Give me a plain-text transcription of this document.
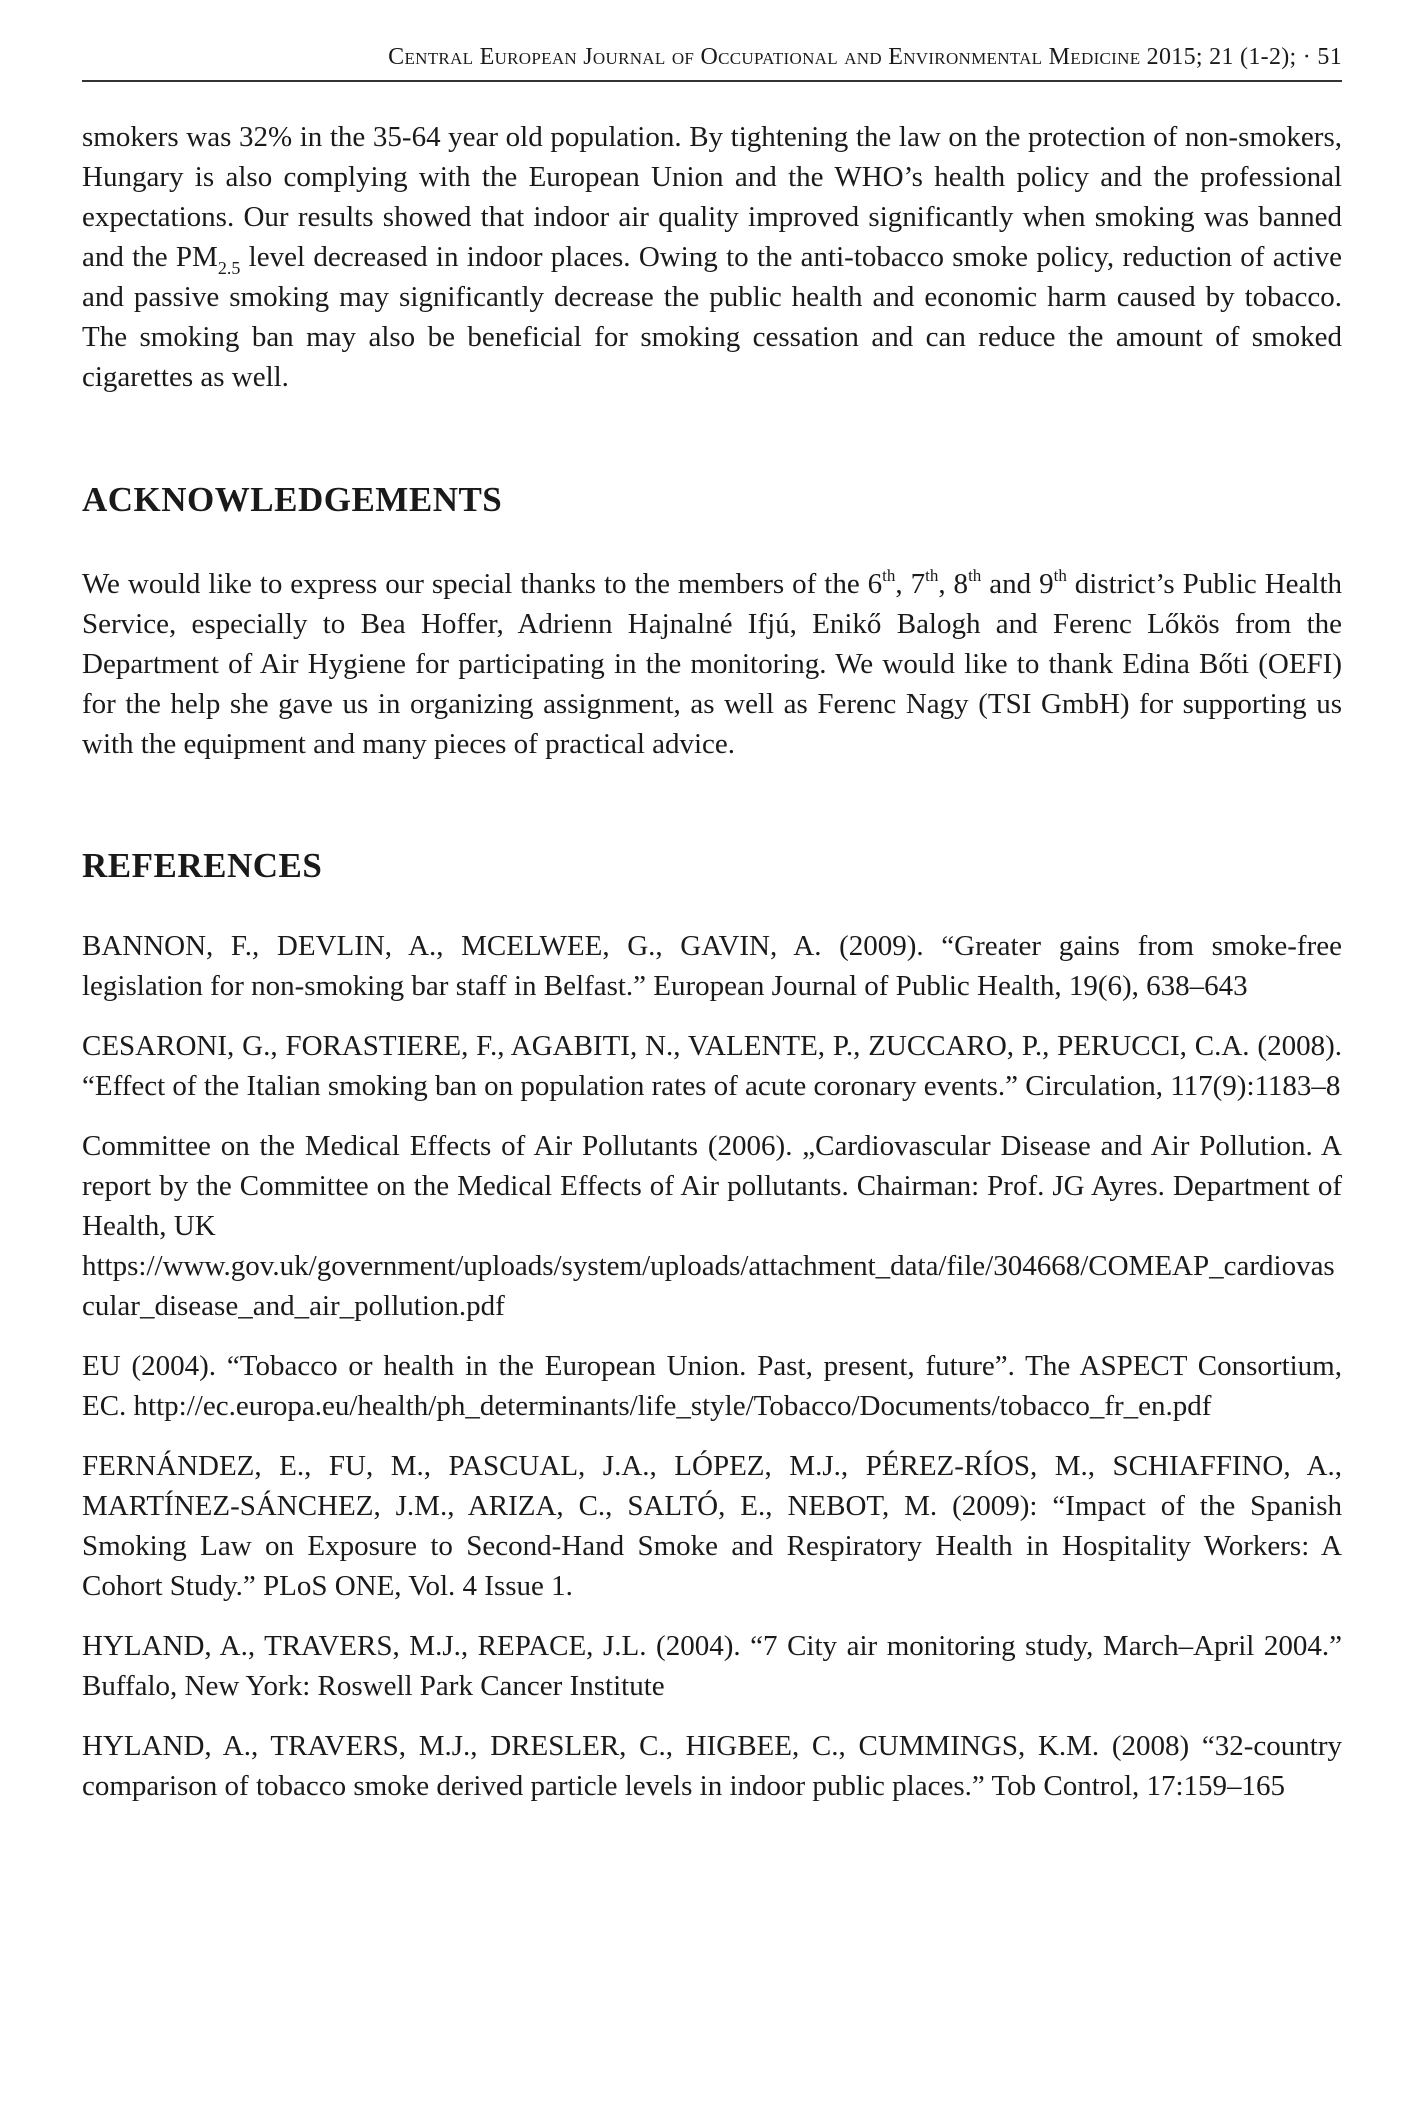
Central European Journal of Occupational and Environmental Medicine 2015; 21 (1-2); · 51

smokers was 32% in the 35-64 year old population. By tightening the law on the protection of non-smokers, Hungary is also complying with the European Union and the WHO’s health policy and the professional expectations. Our results showed that indoor air quality improved significantly when smoking was banned and the $PM_{2.5}$ level decreased in indoor places. Owing to the anti-tobacco smoke policy, reduction of active and passive smoking may significantly decrease the public health and economic harm caused by tobacco. The smoking ban may also be beneficial for smoking cessation and can reduce the amount of smoked cigarettes as well.

ACKNOWLEDGEMENTS

We would like to express our special thanks to the members of the 6th, 7th, 8th and 9th district’s Public Health Service, especially to Bea Hoffer, Adrienn Hajnalné Ifjú, Enikő Balogh and Ferenc Lőkös from the Department of Air Hygiene for participating in the monitoring. We would like to thank Edina Bőti (OEFI) for the help she gave us in organizing assignment, as well as Ferenc Nagy (TSI GmbH) for supporting us with the equipment and many pieces of practical advice.

REFERENCES

BANNON, F., DEVLIN, A., MCELWEE, G., GAVIN, A. (2009). “Greater gains from smoke-free legislation for non-smoking bar staff in Belfast.” European Journal of Public Health, 19(6), 638–643

CESARONI, G., FORASTIERE, F., AGABITI, N., VALENTE, P., ZUCCARO, P., PERUCCI, C.A. (2008). “Effect of the Italian smoking ban on population rates of acute coronary events.” Circulation, 117(9):1183–8

Committee on the Medical Effects of Air Pollutants (2006). „Cardiovascular Disease and Air Pollution. A report by the Committee on the Medical Effects of Air pollutants. Chairman: Prof. JG Ayres. Department of Health, UK
https://www.gov.uk/government/uploads/system/uploads/attachment_data/file/304668/COMEAP_cardiovascular_disease_and_air_pollution.pdf

EU (2004). “Tobacco or health in the European Union. Past, present, future”. The ASPECT Consortium, EC. http://ec.europa.eu/health/ph_determinants/life_style/Tobacco/Documents/tobacco_fr_en.pdf

FERNÁNDEZ, E., FU, M., PASCUAL, J.A., LÓPEZ, M.J., PÉREZ-RÍOS, M., SCHIAFFINO, A., MARTÍNEZ-SÁNCHEZ, J.M., ARIZA, C., SALTÓ, E., NEBOT, M. (2009): “Impact of the Spanish Smoking Law on Exposure to Second-Hand Smoke and Respiratory Health in Hospitality Workers: A Cohort Study.” PLoS ONE, Vol. 4 Issue 1.

HYLAND, A., TRAVERS, M.J., REPACE, J.L. (2004). “7 City air monitoring study, March–April 2004.” Buffalo, New York: Roswell Park Cancer Institute

HYLAND, A., TRAVERS, M.J., DRESLER, C., HIGBEE, C., CUMMINGS, K.M. (2008) “32-country comparison of tobacco smoke derived particle levels in indoor public places.” Tob Control, 17:159–165
